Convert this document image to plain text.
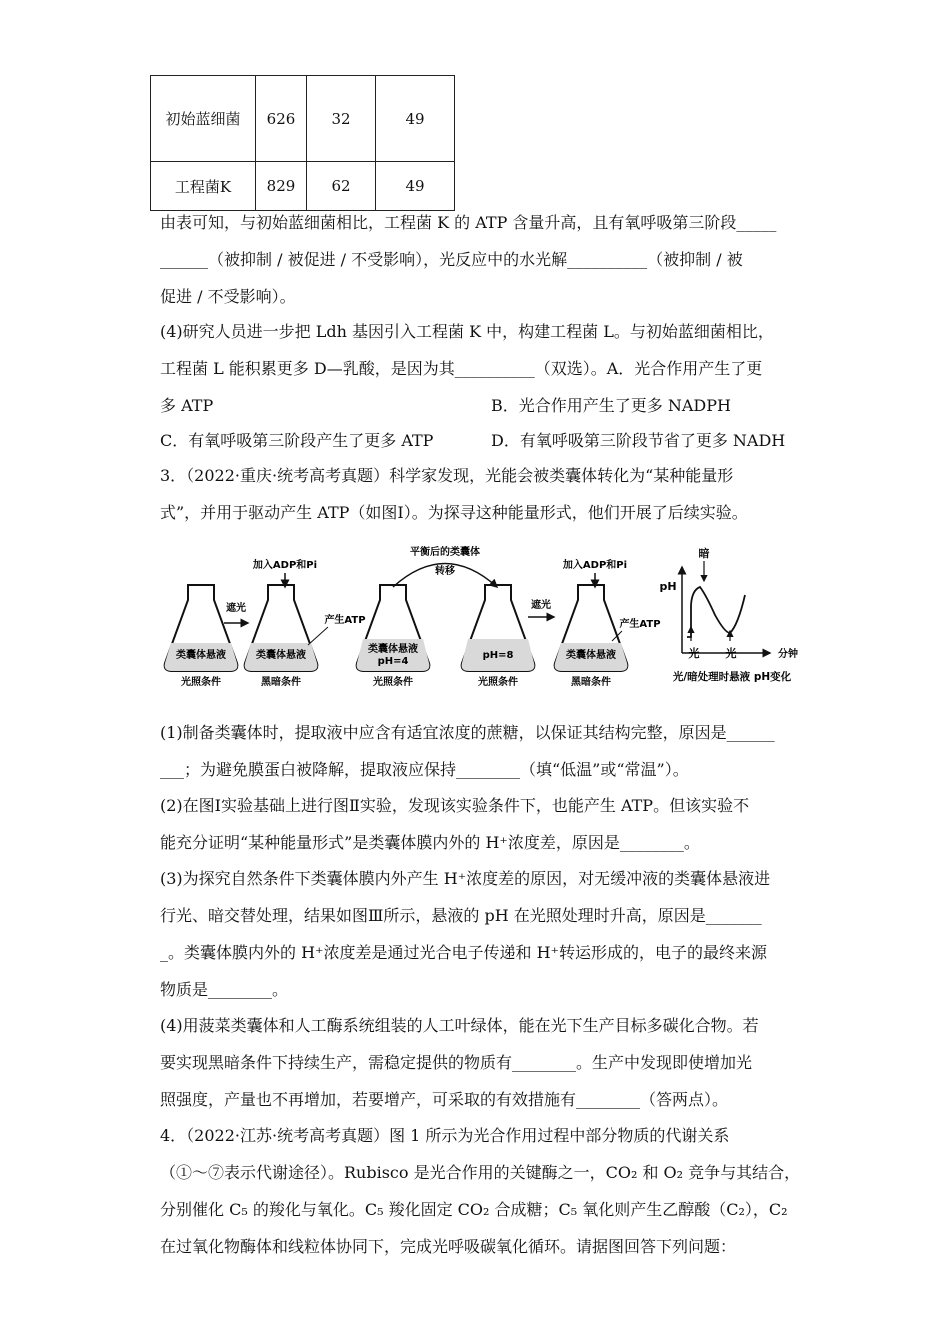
初始蓝细菌	626	32	49
工程菌K	829	62	49
由表可知，与初始蓝细菌相比，工程菌 K 的 ATP 含量升高，且有氧呼吸第三阶段_____
______（被抑制 / 被促进 / 不受影响），光反应中的水光解__________（被抑制 / 被
促进 / 不受影响）。
(4)研究人员进一步把 Ldh 基因引入工程菌 K 中，构建工程菌 L。与初始蓝细菌相比，
工程菌 L 能积累更多 D—乳酸，是因为其__________（双选）。A．光合作用产生了更
多 ATP	B．光合作用产生了更多 NADPH
C．有氧呼吸第三阶段产生了更多 ATP	D．有氧呼吸第三阶段节省了更多 NADH
3．（2022·重庆·统考高考真题）科学家发现，光能会被类囊体转化为“某种能量形
式”，并用于驱动产生 ATP（如图Ⅰ）。为探寻这种能量形式，他们开展了后续实验。
类囊体悬液
光照条件
遮光
类囊体悬液
黑暗条件
加入ADP和Pi
产生ATP
平衡后的类囊体
转移
类囊体悬液
pH=4
光照条件
pH=8
光照条件
遮光
类囊体悬液
黑暗条件
加入ADP和Pi
产生ATP
pH
分钟
暗
光 光
光/暗处理时悬液 pH变化
(1)制备类囊体时，提取液中应含有适宜浓度的蔗糖，以保证其结构完整，原因是______
___；为避免膜蛋白被降解，提取液应保持________（填“低温”或“常温”）。
(2)在图Ⅰ实验基础上进行图Ⅱ实验，发现该实验条件下，也能产生 ATP。但该实验不
能充分证明“某种能量形式”是类囊体膜内外的 H⁺浓度差，原因是________。
(3)为探究自然条件下类囊体膜内外产生 H⁺浓度差的原因，对无缓冲液的类囊体悬液进
行光、暗交替处理，结果如图Ⅲ所示，悬液的 pH 在光照处理时升高，原因是_______
_。类囊体膜内外的 H⁺浓度差是通过光合电子传递和 H⁺转运形成的，电子的最终来源
物质是________。
(4)用菠菜类囊体和人工酶系统组装的人工叶绿体，能在光下生产目标多碳化合物。若
要实现黑暗条件下持续生产，需稳定提供的物质有________。生产中发现即使增加光
照强度，产量也不再增加，若要增产，可采取的有效措施有________（答两点）。
4．（2022·江苏·统考高考真题）图 1 所示为光合作用过程中部分物质的代谢关系
（①～⑦表示代谢途径）。Rubisco 是光合作用的关键酶之一，CO₂ 和 O₂ 竞争与其结合，
分别催化 C₅ 的羧化与氧化。C₅ 羧化固定 CO₂ 合成糖；C₅ 氧化则产生乙醇酸（C₂），C₂
在过氧化物酶体和线粒体协同下，完成光呼吸碳氧化循环。请据图回答下列问题：
